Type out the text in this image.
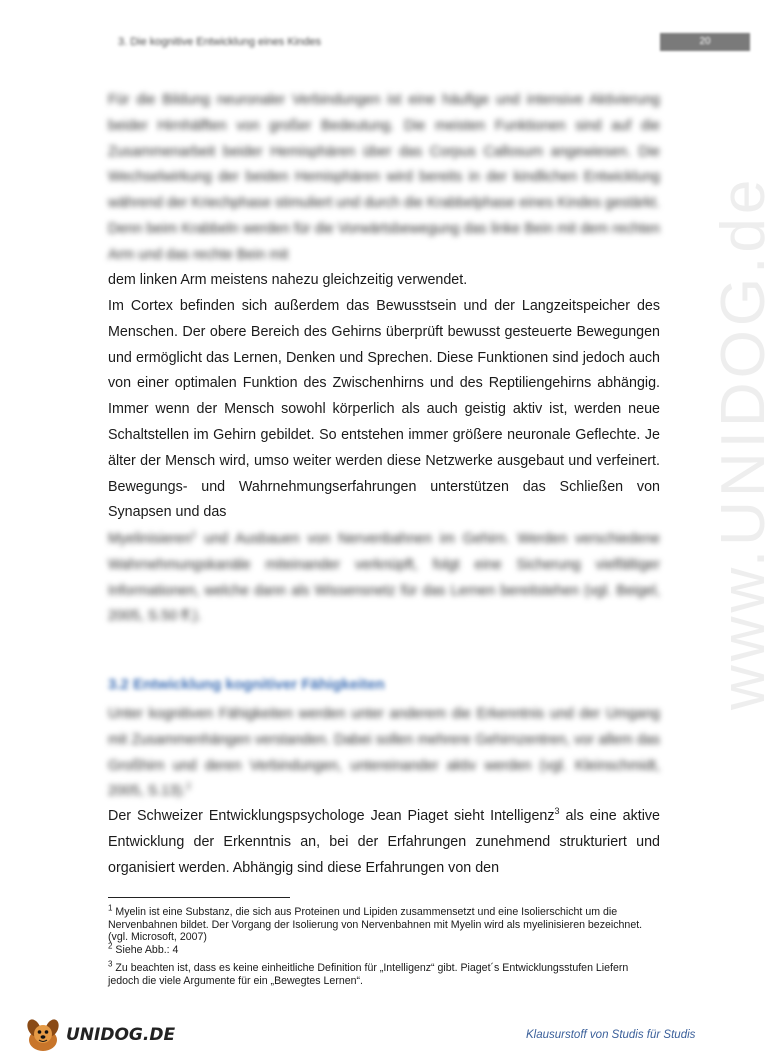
3. Die kognitive Entwicklung eines Kindes	20
www.UNIDOG.de

Für die Bildung neuronaler Verbindungen ist eine häufige und intensive Aktivierung beider Hirnhälften von großer Bedeutung. Die meisten Funktionen sind auf die Zusammenarbeit beider Hemisphären über das Corpus Callosum angewiesen. Die Wechselwirkung der beiden Hemisphären wird bereits in der kindlichen Entwicklung während der Kriechphase stimuliert und durch die Krabbelphase eines Kindes gestärkt. Denn beim Krabbeln werden für die Vorwärtsbewegung das linke Bein mit dem rechten Arm und das rechte Bein mit

dem linken Arm meistens nahezu gleichzeitig verwendet.

Im Cortex befinden sich außerdem das Bewusstsein und der Langzeitspeicher des Menschen. Der obere Bereich des Gehirns überprüft bewusst gesteuerte Bewegungen und ermöglicht das Lernen, Denken und Sprechen. Diese Funktionen sind jedoch auch von einer optimalen Funktion des Zwischenhirns und des Reptiliengehirns abhängig. Immer wenn der Mensch sowohl körperlich als auch geistig aktiv ist, werden neue Schaltstellen im Gehirn gebildet. So entstehen immer größere neuronale Geflechte. Je älter der Mensch wird, umso weiter werden diese Netzwerke ausgebaut und verfeinert. Bewegungs- und Wahrnehmungserfahrungen unterstützen das Schließen von Synapsen und das

Myelinisieren$^1$ und Ausbauen von Nervenbahnen im Gehirn. Werden verschiedene Wahrnehmungskanäle miteinander verknüpft, folgt eine Sicherung vielfältiger Informationen, welche dann als Wissensnetz für das Lernen bereitstehen (vgl. Beigel, 2005, S.50 ff.).

3.2 Entwicklung kognitiver Fähigkeiten

Unter kognitiven Fähigkeiten werden unter anderem die Erkenntnis und der Umgang mit Zusammenhängen verstanden. Dabei sollen mehrere Gehirnzentren, vor allem das Großhirn und deren Verbindungen, untereinander aktiv werden (vgl. Kleinschmidt, 2005, S.13).$^2$

Der Schweizer Entwicklungspsychologe Jean Piaget sieht Intelligenz$^3$ als eine aktive Entwicklung der Erkenntnis an, bei der Erfahrungen zunehmend strukturiert und organisiert werden. Abhängig sind diese Erfahrungen von den

$^1$ Myelin ist eine Substanz, die sich aus Proteinen und Lipiden zusammensetzt und eine Isolierschicht um die Nervenbahnen bildet. Der Vorgang der Isolierung von Nervenbahnen mit Myelin wird als myelinisieren bezeichnet. (vgl. Microsoft, 2007)

$^2$ Siehe Abb.: 4

$^3$ Zu beachten ist, dass es keine einheitliche Definition für „Intelligenz“ gibt. Piaget´s Entwicklungsstufen Liefern jedoch die viele Argumente für ein „Bewegtes Lernen“.

UNIDOG.DE	Klausurstoff von Studis für Studis
